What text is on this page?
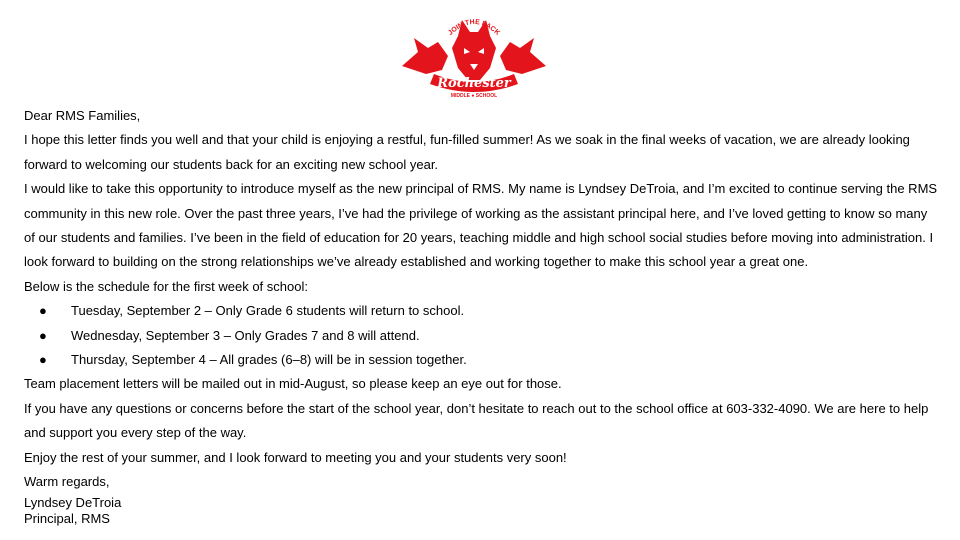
JOIN THE PACK
Rochester
MIDDLE ● SCHOOL

Dear RMS Families,

I hope this letter finds you well and that your child is enjoying a restful, fun-filled summer! As we soak in the final weeks of vacation, we are already looking forward to welcoming our students back for an exciting new school year.

I would like to take this opportunity to introduce myself as the new principal of RMS. My name is Lyndsey DeTroia, and I’m excited to continue serving the RMS community in this new role. Over the past three years, I’ve had the privilege of working as the assistant principal here, and I’ve loved getting to know so many of our students and families. I’ve been in the field of education for 20 years, teaching middle and high school social studies before moving into administration. I look forward to building on the strong relationships we’ve already established and working together to make this school year a great one.

Below is the schedule for the first week of school:

● Tuesday, September 2 – Only Grade 6 students will return to school.
● Wednesday, September 3 – Only Grades 7 and 8 will attend.
● Thursday, September 4 – All grades (6–8) will be in session together.

Team placement letters will be mailed out in mid-August, so please keep an eye out for those.

If you have any questions or concerns before the start of the school year, don’t hesitate to reach out to the school office at 603-332-4090. We are here to help and support you every step of the way.

Enjoy the rest of your summer, and I look forward to meeting you and your students very soon!

Warm regards,
Lyndsey DeTroia
Principal, RMS
